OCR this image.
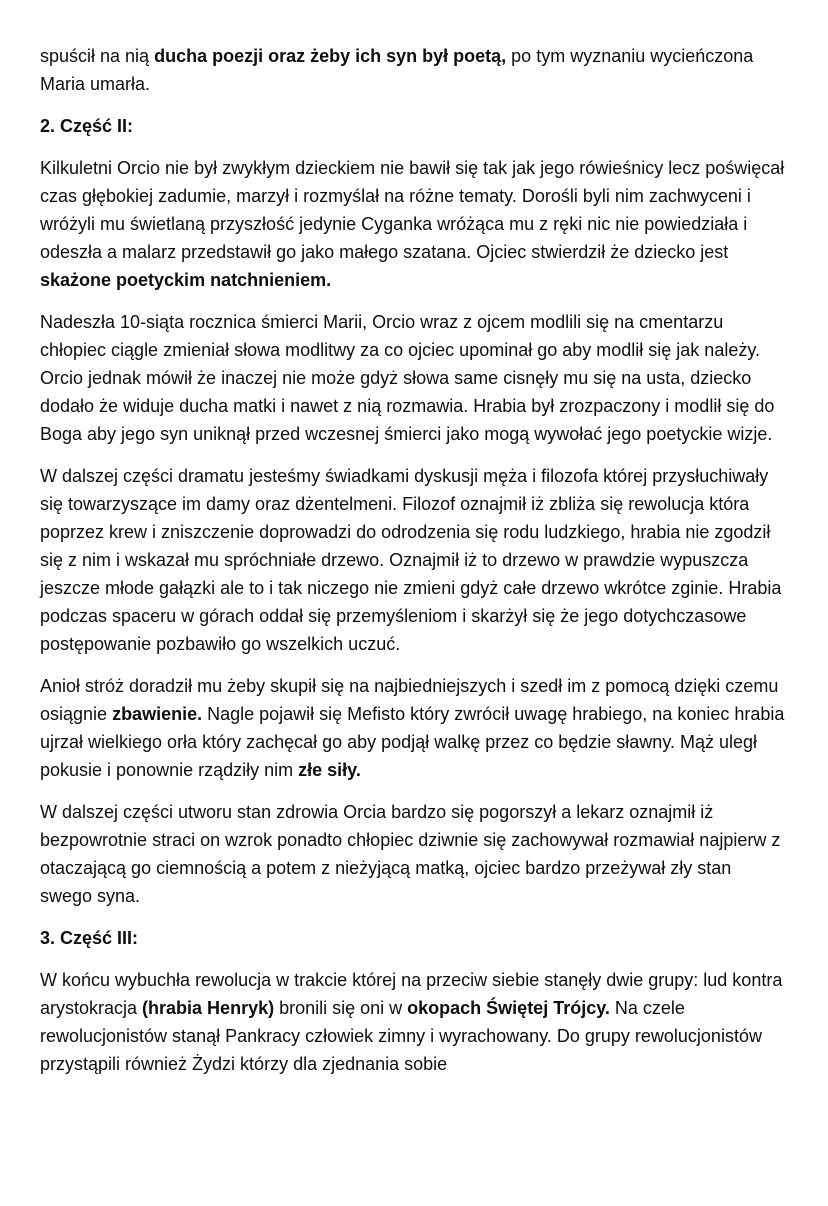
spuścił na nią ducha poezji oraz żeby ich syn był poetą, po tym wyznaniu wycieńczona Maria umarła.

2. Część II:

Kilkuletni Orcio nie był zwykłym dzieckiem nie bawił się tak jak jego rówieśnicy lecz poświęcał czas głębokiej zadumie, marzył i rozmyślał na różne tematy. Dorośli byli nim zachwyceni i wróżyli mu świetlaną przyszłość jedynie Cyganka wróżąca mu z ręki nic nie powiedziała i odeszła a malarz przedstawił go jako małego szatana. Ojciec stwierdził że dziecko jest skażone poetyckim natchnieniem.

Nadeszła 10-siąta rocznica śmierci Marii, Orcio wraz z ojcem modlili się na cmentarzu chłopiec ciągle zmieniał słowa modlitwy za co ojciec upominał go aby modlił się jak należy. Orcio jednak mówił że inaczej nie może gdyż słowa same cisnęły mu się na usta, dziecko dodało że widuje ducha matki i nawet z nią rozmawia. Hrabia był zrozpaczony i modlił się do Boga aby jego syn uniknął przed wczesnej śmierci jako mogą wywołać jego poetyckie wizje.

W dalszej części dramatu jesteśmy świadkami dyskusji męża i filozofa której przysłuchiwały się towarzyszące im damy oraz dżentelmeni. Filozof oznajmił iż zbliża się rewolucja która poprzez krew i zniszczenie doprowadzi do odrodzenia się rodu ludzkiego, hrabia nie zgodził się z nim i wskazał mu spróchniałe drzewo. Oznajmił iż to drzewo w prawdzie wypuszcza jeszcze młode gałązki ale to i tak niczego nie zmieni gdyż całe drzewo wkrótce zginie. Hrabia podczas spaceru w górach oddał się przemyśleniom i skarżył się że jego dotychczasowe postępowanie pozbawiło go wszelkich uczuć.

Anioł stróż doradził mu żeby skupił się na najbiedniejszych i szedł im z pomocą dzięki czemu osiągnie zbawienie. Nagle pojawił się Mefisto który zwrócił uwagę hrabiego, na koniec hrabia ujrzał wielkiego orła który zachęcał go aby podjął walkę przez co będzie sławny. Mąż uległ pokusie i ponownie rządziły nim złe siły.

W dalszej części utworu stan zdrowia Orcia bardzo się pogorszył a lekarz oznajmił iż bezpowrotnie straci on wzrok ponadto chłopiec dziwnie się zachowywał rozmawiał najpierw z otaczającą go ciemnością a potem z nieżyjącą matką, ojciec bardzo przeżywał zły stan swego syna.

3. Część III:

W końcu wybuchła rewolucja w trakcie której na przeciw siebie stanęły dwie grupy: lud kontra arystokracja (hrabia Henryk) bronili się oni w okopach Świętej Trójcy. Na czele rewolucjonistów stanął Pankracy człowiek zimny i wyrachowany. Do grupy rewolucjonistów przystąpili również Żydzi którzy dla zjednania sobie
